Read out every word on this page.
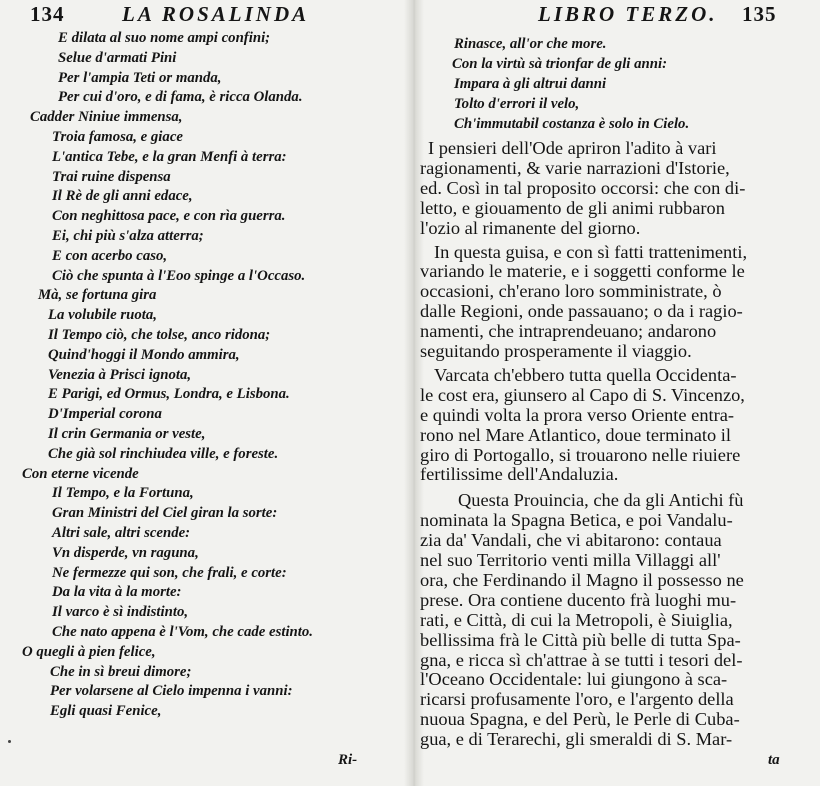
134	LA ROSALINDA
E dilata al suo nome ampi confini;
Selue d'armati Pini
Per l'ampia Teti or manda,
Per cui d'oro, e di fama, è ricca Olanda.
Cadder Niniue immensa,
Troia famosa, e giace
L'antica Tebe, e la gran Menfi à terra:
Trai ruine dispensa
Il Rè de gli anni edace,
Con neghittosa pace, e con rìa guerra.
Ei, chi più s'alza atterra;
E con acerbo caso,
Ciò che spunta à l'Eoo spinge a l'Occaso.
Mà, se fortuna gira
La volubile ruota,
Il Tempo ciò, che tolse, anco ridona;
Quind'hoggi il Mondo ammira,
Venezia à Prisci ignota,
E Parigi, ed Ormus, Londra, e Lisbona.
D'Imperial corona
Il crin Germania or veste,
Che già sol rinchiudea ville, e foreste.
Con eterne vicende
Il Tempo, e la Fortuna,
Gran Ministri del Ciel giran la sorte:
Altri sale, altri scende:
Vn disperde, vn raguna,
Ne fermezze qui son, che frali, e corte:
Da la vita à la morte:
Il varco è sì indistinto,
Che nato appena è l'Vom, che cade estinto.
O quegli à pien felice,
Che in sì breui dimore;
Per volarsene al Cielo impenna i vanni:
Egli quasi Fenice,
Ri-
LIBRO TERZO. 135
Rinasce, all'or che more.
Con la virtù sà trionfar de gli anni:
Impara à gli altrui danni
Tolto d'errori il velo,
Ch'immutabil costanza è solo in Cielo.
I pensieri dell'Ode apriron l'adito à vari
ragionamenti, & varie narrazioni d'Istorie,
ed. Così in tal proposito occorsi: che con di-
letto, e giouamento de gli animi rubbaron
l'ozio al rimanente del giorno.
In questa guisa, e con sì fatti trattenimenti,
variando le materie, e i soggetti conforme le
occasioni, ch'erano loro somministrate, ò
dalle Regioni, onde passauano; o da i ragio-
namenti, che intraprendeuano; andarono
seguitando prosperamente il viaggio.
Varcata ch'ebbero tutta quella Occidenta-
le cost era, giunsero al Capo di S. Vincenzo,
e quindi volta la prora verso Oriente entra-
rono nel Mare Atlantico, doue terminato il
giro di Portogallo, si trouarono nelle riuiere
fertilissime dell'Andaluzia.
Questa Prouincia, che da gli Antichi fù
nominata la Spagna Betica, e poi Vandalu-
zia da' Vandali, che vi abitarono: contaua
nel suo Territorio venti milla Villaggi all'
ora, che Ferdinando il Magno il possesso ne
prese. Ora contiene ducento frà luoghi mu-
rati, e Città, di cui la Metropoli, è Siuiglia,
bellissima frà le Città più belle di tutta Spa-
gna, e ricca sì ch'attrae à se tutti i tesori del-
l'Oceano Occidentale: lui giungono à sca-
ricarsi profusamente l'oro, e l'argento della
nuoua Spagna, e del Perù, le Perle di Cuba-
gua, e di Terarechi, gli smeraldi di S. Mar-
ta
